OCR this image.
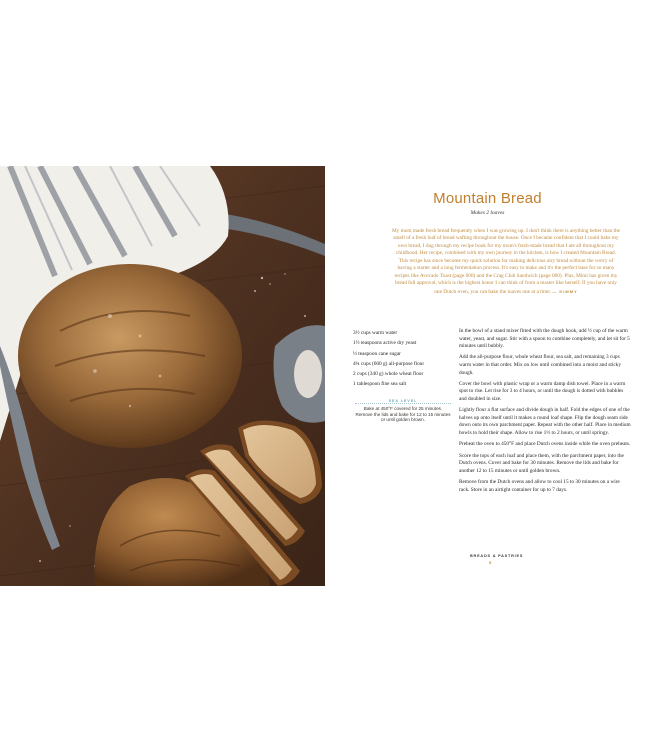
Mountain Bread
Makes 2 loaves
My mom made fresh bread frequently when I was growing up. I don't think there is anything better than the smell of a fresh loaf of bread wafting throughout the house. Once I became confident that I could bake my own bread, I dug through my recipe book for my mom's fresh-made bread that I ate all throughout my childhood. Her recipe, combined with my own journey in the kitchen, is how I created Mountain Bread. This recipe has since become my quick solution for making delicious airy bread without the worry of having a starter and a long fermentation process. It's easy to make and it's the perfect base for so many recipes like Avocado Toast (page 000) and the Crag Club Sandwich (page 000). Plus, Mimi has given my bread full approval, which is the highest honor I can think of from a master like herself. If you have only one Dutch oven, you can bake the loaves one at a time. — KIMMY
3½ cups warm water
1½ teaspoons active dry yeast
½ teaspoon cane sugar
4¾ cups (600 g) all-purpose flour
2 cups (340 g) whole wheat flour
1 tablespoon fine sea salt
SEA LEVEL
Bake at 450°F covered for 25 minutes. Remove the lids and bake for 12 to 15 minutes or until golden brown.

In the bowl of a stand mixer fitted with the dough hook, add ½ cup of the warm water, yeast, and sugar. Stir with a spoon to combine completely, and let sit for 5 minutes until bubbly.

Add the all-purpose flour, whole wheat flour, sea salt, and remaining 3 cups warm water in that order. Mix on low until combined into a moist and sticky dough.

Cover the bowl with plastic wrap or a warm damp dish towel. Place in a warm spot to rise. Let rise for 3 to 4 hours, or until the dough is dotted with bubbles and doubled in size.

Lightly flour a flat surface and divide dough in half. Fold the edges of one of the halves up onto itself until it makes a round loaf shape. Flip the dough seam side down onto its own parchment paper. Repeat with the other half. Place in medium bowls to hold their shape. Allow to rise 1½ to 2 hours, or until springy.

Preheat the oven to 450°F and place Dutch ovens inside while the oven preheats.

Score the tops of each loaf and place them, with the parchment paper, into the Dutch ovens. Cover and bake for 30 minutes. Remove the lids and bake for another 12 to 15 minutes or until golden brown.

Remove from the Dutch ovens and allow to cool 15 to 30 minutes on a wire rack. Store in an airtight container for up to 7 days.

BREADS & PASTRIES
5
